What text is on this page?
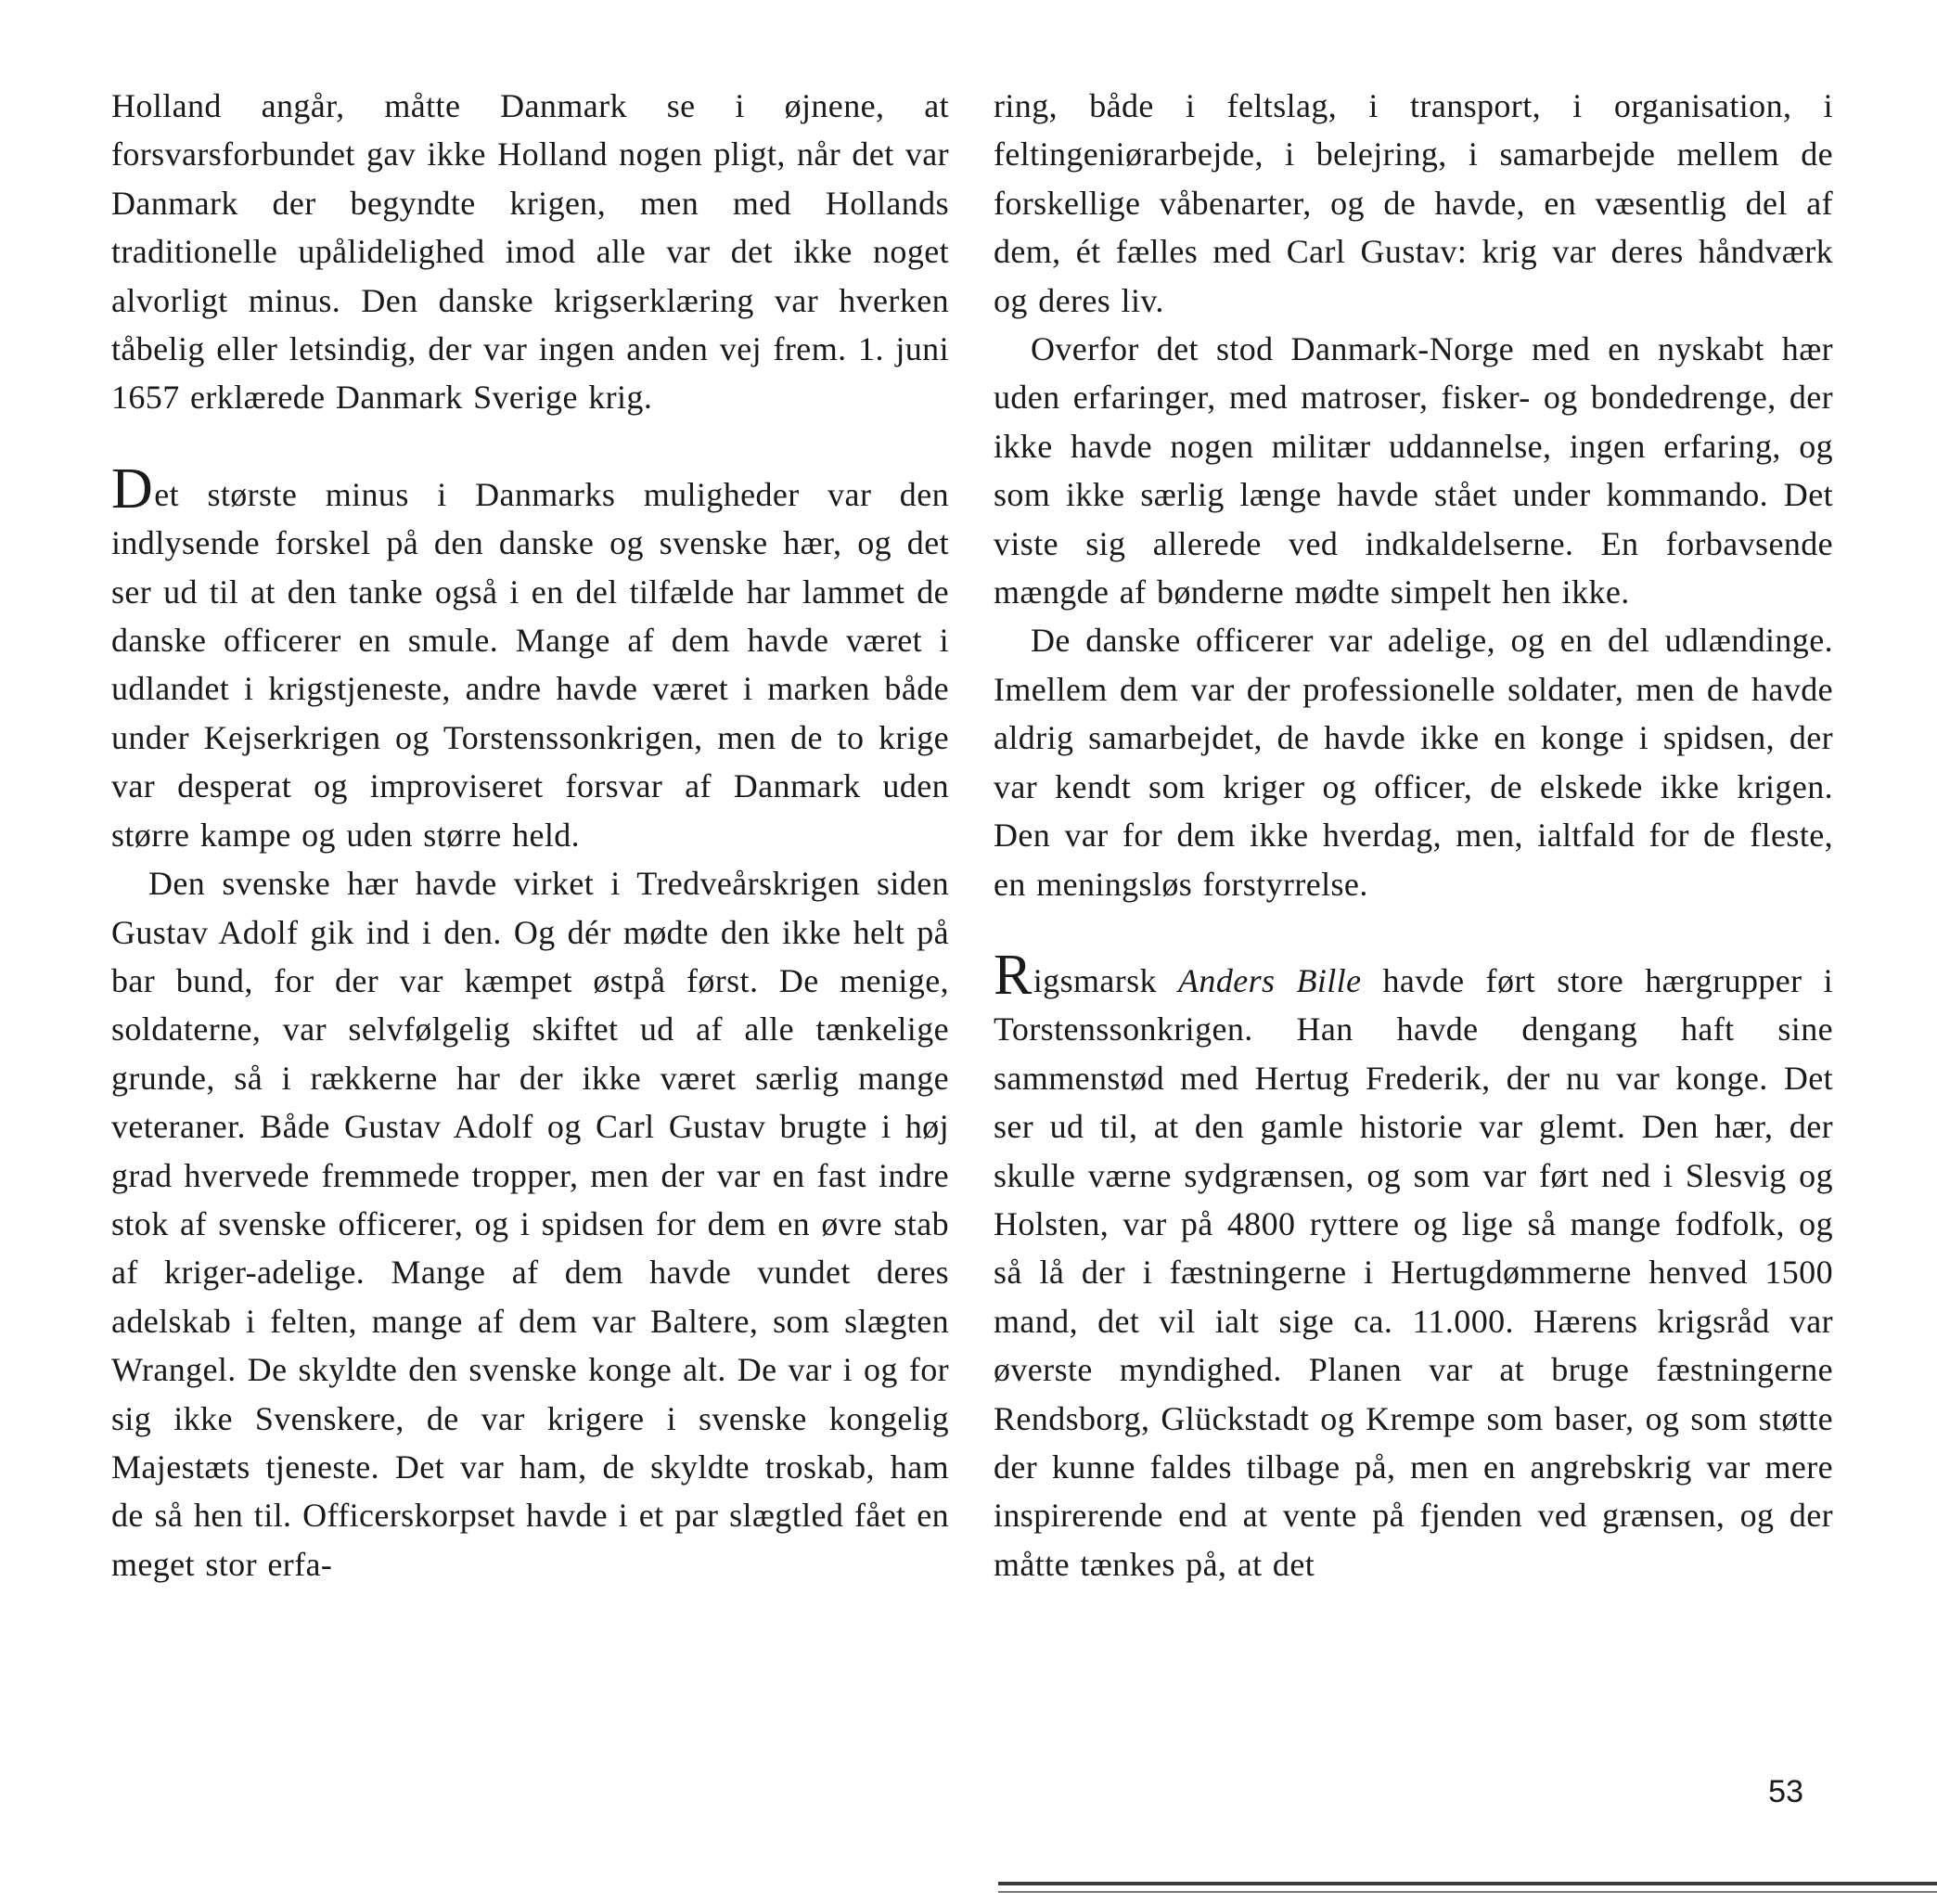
Holland angår, måtte Danmark se i øjnene, at forsvarsforbundet gav ikke Holland nogen pligt, når det var Danmark der begyndte krigen, men med Hollands traditionelle upålidelighed imod alle var det ikke noget alvorligt minus. Den danske krigserklæring var hverken tåbelig eller letsindig, der var ingen anden vej frem. 1. juni 1657 erklærede Danmark Sverige krig.

Det største minus i Danmarks muligheder var den indlysende forskel på den danske og svenske hær, og det ser ud til at den tanke også i en del tilfælde har lammet de danske officerer en smule. Mange af dem havde været i udlandet i krigstjeneste, andre havde været i marken både under Kejserkrigen og Torstenssonkrigen, men de to krige var desperat og improviseret forsvar af Danmark uden større kampe og uden større held.

Den svenske hær havde virket i Tredveårskrigen siden Gustav Adolf gik ind i den. Og dér mødte den ikke helt på bar bund, for der var kæmpet østpå først. De menige, soldaterne, var selvfølgelig skiftet ud af alle tænkelige grunde, så i rækkerne har der ikke været særlig mange veteraner. Både Gustav Adolf og Carl Gustav brugte i høj grad hvervede fremmede tropper, men der var en fast indre stok af svenske officerer, og i spidsen for dem en øvre stab af kriger-adelige. Mange af dem havde vundet deres adelskab i felten, mange af dem var Baltere, som slægten Wrangel. De skyldte den svenske konge alt. De var i og for sig ikke Svenskere, de var krigere i svenske kongelig Majestæts tjeneste. Det var ham, de skyldte troskab, ham de så hen til. Officerskorpset havde i et par slægtled fået en meget stor erfa-

ring, både i feltslag, i transport, i organisation, i feltingeniørarbejde, i belejring, i samarbejde mellem de forskellige våbenarter, og de havde, en væsentlig del af dem, ét fælles med Carl Gustav: krig var deres håndværk og deres liv.

Overfor det stod Danmark-Norge med en nyskabt hær uden erfaringer, med matroser, fisker- og bondedrenge, der ikke havde nogen militær uddannelse, ingen erfaring, og som ikke særlig længe havde stået under kommando. Det viste sig allerede ved indkaldelserne. En forbavsende mængde af bønderne mødte simpelt hen ikke.

De danske officerer var adelige, og en del udlændinge. Imellem dem var der professionelle soldater, men de havde aldrig samarbejdet, de havde ikke en konge i spidsen, der var kendt som kriger og officer, de elskede ikke krigen. Den var for dem ikke hverdag, men, ialtfald for de fleste, en meningsløs forstyrrelse.

Rigsmarsk Anders Bille havde ført store hærgrupper i Torstenssonkrigen. Han havde dengang haft sine sammenstød med Hertug Frederik, der nu var konge. Det ser ud til, at den gamle historie var glemt. Den hær, der skulle værne sydgrænsen, og som var ført ned i Slesvig og Holsten, var på 4800 ryttere og lige så mange fodfolk, og så lå der i fæstningerne i Hertugdømmerne henved 1500 mand, det vil ialt sige ca. 11.000. Hærens krigsråd var øverste myndighed. Planen var at bruge fæstningerne Rendsborg, Glückstadt og Krempe som baser, og som støtte der kunne faldes tilbage på, men en angrebskrig var mere inspirerende end at vente på fjenden ved grænsen, og der måtte tænkes på, at det

53
